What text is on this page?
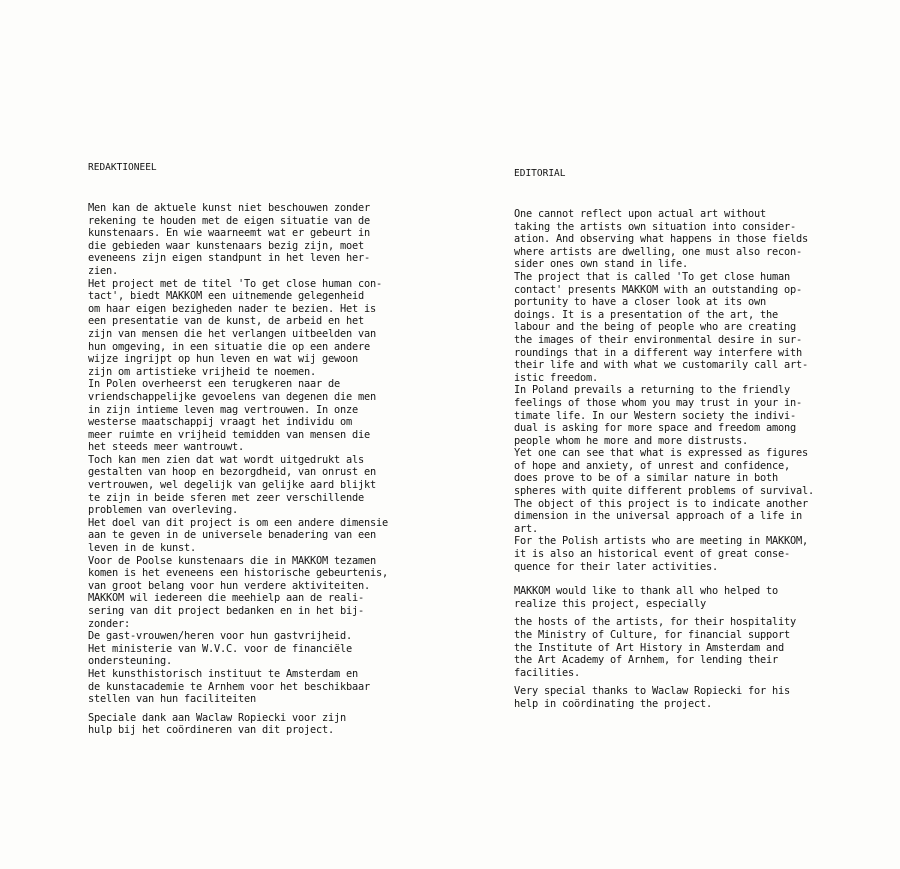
REDAKTIONEEL
Men kan de aktuele kunst niet beschouwen zonder
rekening te houden met de eigen situatie van de
kunstenaars. En wie waarneemt wat er gebeurt in
die gebieden waar kunstenaars bezig zijn, moet
eveneens zijn eigen standpunt in het leven her-
zien.
Het project met de titel 'To get close human con-
tact', biedt MAKKOM een uitnemende gelegenheid
om haar eigen bezigheden nader te bezien. Het is
een presentatie van de kunst, de arbeid en het
zijn van mensen die het verlangen uitbeelden van
hun omgeving, in een situatie die op een andere
wijze ingrijpt op hun leven en wat wij gewoon
zijn om artistieke vrijheid te noemen.
In Polen overheerst een terugkeren naar de
vriendschappelijke gevoelens van degenen die men
in zijn intieme leven mag vertrouwen. In onze
westerse maatschappij vraagt het individu om
meer ruimte en vrijheid temidden van mensen die
het steeds meer wantrouwt.
Toch kan men zien dat wat wordt uitgedrukt als
gestalten van hoop en bezorgdheid, van onrust en
vertrouwen, wel degelijk van gelijke aard blijkt
te zijn in beide sferen met zeer verschillende
problemen van overleving.
Het doel van dit project is om een andere dimensie
aan te geven in de universele benadering van een
leven in de kunst.
Voor de Poolse kunstenaars die in MAKKOM tezamen
komen is het eveneens een historische gebeurtenis,
van groot belang voor hun verdere aktiviteiten.
MAKKOM wil iedereen die meehielp aan de reali-
sering van dit project bedanken en in het bij-
zonder:
De gast-vrouwen/heren voor hun gastvrijheid.
Het ministerie van W.V.C. voor de financiële
ondersteuning.
Het kunsthistorisch instituut te Amsterdam en
de kunstacademie te Arnhem voor het beschikbaar
stellen van hun faciliteiten
Speciale dank aan Waclaw Ropiecki voor zijn
hulp bij het coördineren van dit project.
EDITORIAL
One cannot reflect upon actual art without
taking the artists own situation into consider-
ation. And observing what happens in those fields
where artists are dwelling, one must also recon-
sider ones own stand in life.
The project that is called 'To get close human
contact' presents MAKKOM with an outstanding op-
portunity to have a closer look at its own
doings. It is a presentation of the art, the
labour and the being of people who are creating
the images of their environmental desire in sur-
roundings that in a different way interfere with
their life and with what we customarily call art-
istic freedom.
In Poland prevails a returning to the friendly
feelings of those whom you may trust in your in-
timate life. In our Western society the indivi-
dual is asking for more space and freedom among
people whom he more and more distrusts.
Yet one can see that what is expressed as figures
of hope and anxiety, of unrest and confidence,
does prove to be of a similar nature in both
spheres with quite different problems of survival.
The object of this project is to indicate another
dimension in the universal approach of a life in
art.
For the Polish artists who are meeting in MAKKOM,
it is also an historical event of great conse-
quence for their later activities.
MAKKOM would like to thank all who helped to
realize this project, especially
the hosts of the artists, for their hospitality
the Ministry of Culture, for financial support
the Institute of Art History in Amsterdam and
the Art Academy of Arnhem, for lending their
facilities.
Very special thanks to Waclaw Ropiecki for his
help in coördinating the project.
